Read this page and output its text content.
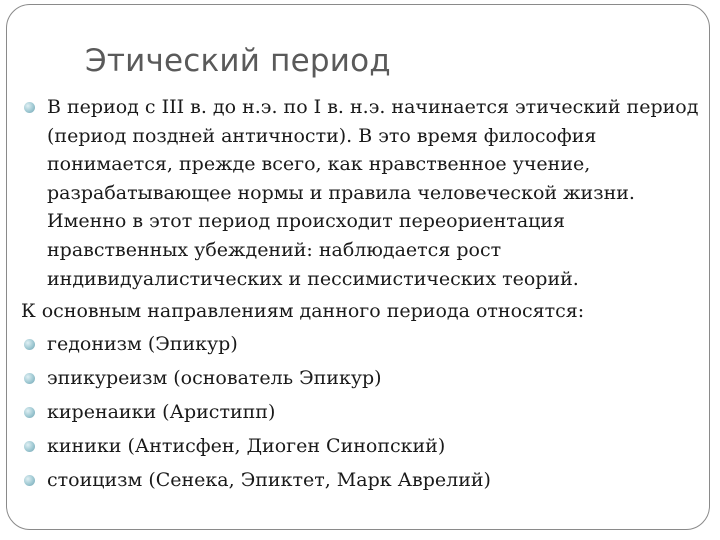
Этический период
В период с III в. до н.э. по I в. н.э. начинается этический период (период поздней античности). В это время философия понимается, прежде всего, как нравственное учение, разрабатывающее нормы и правила человеческой жизни. Именно в этот период происходит переориентация нравственных убеждений: наблюдается рост индивидуалистических и пессимистических теорий.
К основным направлениям данного периода относятся:
гедонизм (Эпикур)
эпикуреизм (основатель Эпикур)
киренаики (Аристипп)
киники (Антисфен, Диоген Синопский)
стоицизм (Сенека, Эпиктет, Марк Аврелий)
